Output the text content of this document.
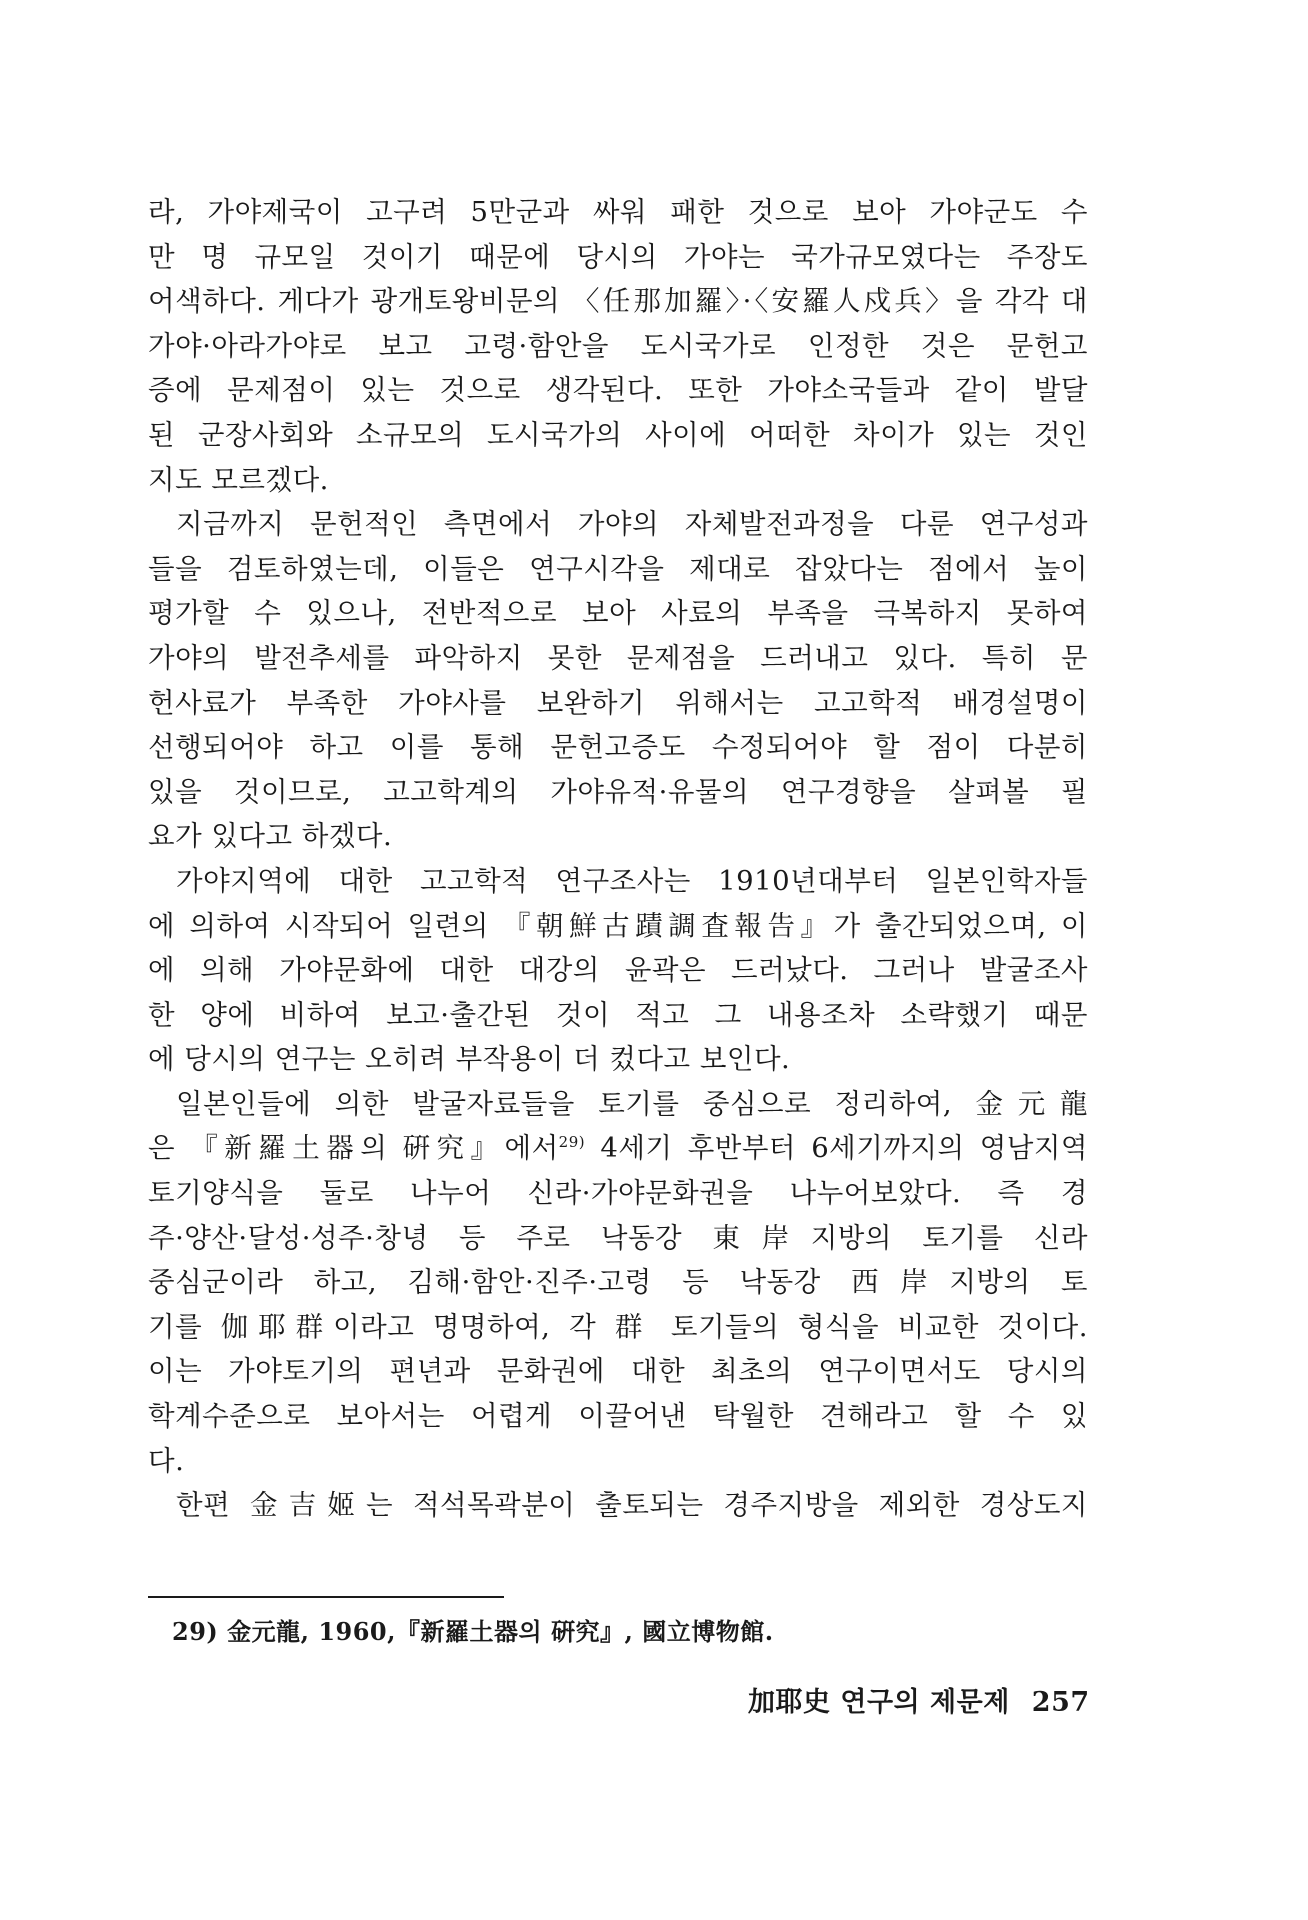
라, 가야제국이 고구려 5만군과 싸워 패한 것으로 보아 가야군도 수
만 명 규모일 것이기 때문에 당시의 가야는 국가규모였다는 주장도
어색하다. 게다가 광개토왕비문의 〈任那加羅〉·〈安羅人戍兵〉을 각각 대
가야·아라가야로 보고 고령·함안을 도시국가로 인정한 것은 문헌고
증에 문제점이 있는 것으로 생각된다. 또한 가야소국들과 같이 발달
된 군장사회와 소규모의 도시국가의 사이에 어떠한 차이가 있는 것인
지도 모르겠다.
지금까지 문헌적인 측면에서 가야의 자체발전과정을 다룬 연구성과
들을 검토하였는데, 이들은 연구시각을 제대로 잡았다는 점에서 높이
평가할 수 있으나, 전반적으로 보아 사료의 부족을 극복하지 못하여
가야의 발전추세를 파악하지 못한 문제점을 드러내고 있다. 특히 문
헌사료가 부족한 가야사를 보완하기 위해서는 고고학적 배경설명이
선행되어야 하고 이를 통해 문헌고증도 수정되어야 할 점이 다분히
있을 것이므로, 고고학계의 가야유적·유물의 연구경향을 살펴볼 필
요가 있다고 하겠다.
가야지역에 대한 고고학적 연구조사는 1910년대부터 일본인학자들
에 의하여 시작되어 일련의 『朝鮮古蹟調査報告』가 출간되었으며, 이
에 의해 가야문화에 대한 대강의 윤곽은 드러났다. 그러나 발굴조사
한 양에 비하여 보고·출간된 것이 적고 그 내용조차 소략했기 때문
에 당시의 연구는 오히려 부작용이 더 컸다고 보인다.
일본인들에 의한 발굴자료들을 토기를 중심으로 정리하여, 金元龍
은 『新羅土器의 硏究』에서$^{29)}$ 4세기 후반부터 6세기까지의 영남지역
토기양식을 둘로 나누어 신라·가야문화권을 나누어보았다. 즉 경
주·양산·달성·성주·창녕 등 주로 낙동강 東岸지방의 토기를 신라
중심군이라 하고, 김해·함안·진주·고령 등 낙동강 西岸지방의 토
기를 伽耶群이라고 명명하여, 각 群 토기들의 형식을 비교한 것이다.
이는 가야토기의 편년과 문화권에 대한 최초의 연구이면서도 당시의
학계수준으로 보아서는 어렵게 이끌어낸 탁월한 견해라고 할 수 있
다.
한편 金吉姬는 적석목곽분이 출토되는 경주지방을 제외한 경상도지
29) 金元龍, 1960,『新羅土器의 硏究』, 國立博物館.
加耶史 연구의 제문제 257
